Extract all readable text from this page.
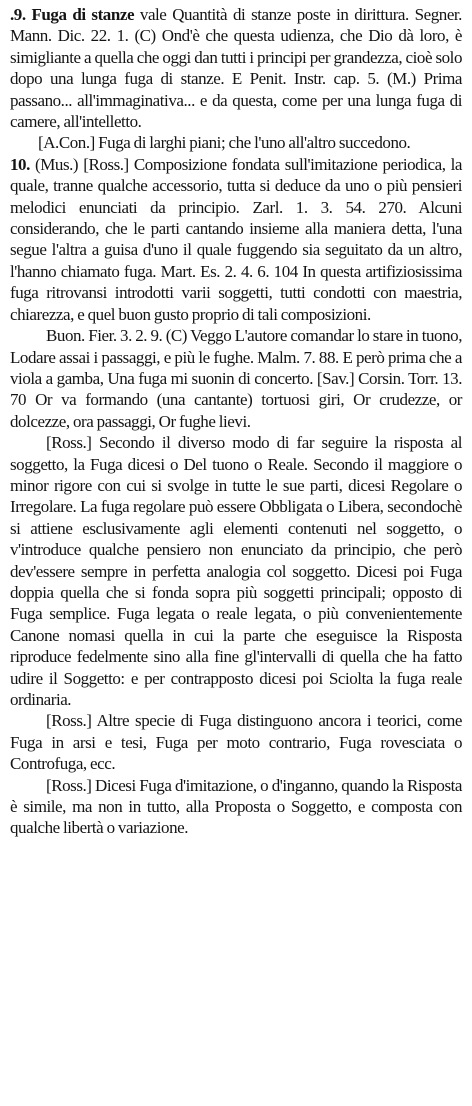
.9. Fuga di stanze vale Quantità di stanze poste in dirittura. Segner. Mann. Dic. 22. 1. (C) Ond'è che questa udienza, che Dio dà loro, è simigliante a quella che oggi dan tutti i principi per grandezza, cioè solo dopo una lunga fuga di stanze. E Penit. Instr. cap. 5. (M.) Prima passano... all'immaginativa... e da questa, come per una lunga fuga di camere, all'intelletto.

[A.Con.] Fuga di larghi piani; che l'uno all'altro succedono.

10. (Mus.) [Ross.] Composizione fondata sull'imitazione periodica, la quale, tranne qualche accessorio, tutta si deduce da uno o più pensieri melodici enunciati da principio. Zarl. 1. 3. 54. 270. Alcuni considerando, che le parti cantando insieme alla maniera detta, l'una segue l'altra a guisa d'uno il quale fuggendo sia seguitato da un altro, l'hanno chiamato fuga. Mart. Es. 2. 4. 6. 104 In questa artifiziosissima fuga ritrovansi introdotti varii soggetti, tutti condotti con maestria, chiarezza, e quel buon gusto proprio di tali composizioni.

Buon. Fier. 3. 2. 9. (C) Veggo L'autore comandar lo stare in tuono, Lodare assai i passaggi, e più le fughe. Malm. 7. 88. E però prima che a viola a gamba, Una fuga mi suonin di concerto. [Sav.] Corsin. Torr. 13. 70 Or va formando (una cantante) tortuosi giri, Or crudezze, or dolcezze, ora passaggi, Or fughe lievi.

[Ross.] Secondo il diverso modo di far seguire la risposta al soggetto, la Fuga dicesi o Del tuono o Reale. Secondo il maggiore o minor rigore con cui si svolge in tutte le sue parti, dicesi Regolare o Irregolare. La fuga regolare può essere Obbligata o Libera, secondochè si attiene esclusivamente agli elementi contenuti nel soggetto, o v'introduce qualche pensiero non enunciato da principio, che però dev'essere sempre in perfetta analogia col soggetto. Dicesi poi Fuga doppia quella che si fonda sopra più soggetti principali; opposto di Fuga semplice. Fuga legata o reale legata, o più convenientemente Canone nomasi quella in cui la parte che eseguisce la Risposta riproduce fedelmente sino alla fine gl'intervalli di quella che ha fatto udire il Soggetto: e per contrapposto dicesi poi Sciolta la fuga reale ordinaria.

[Ross.] Altre specie di Fuga distinguono ancora i teorici, come Fuga in arsi e tesi, Fuga per moto contrario, Fuga rovesciata o Controfuga, ecc.

[Ross.] Dicesi Fuga d'imitazione, o d'inganno, quando la Risposta è simile, ma non in tutto, alla Proposta o Soggetto, e composta con qualche libertà o variazione.
